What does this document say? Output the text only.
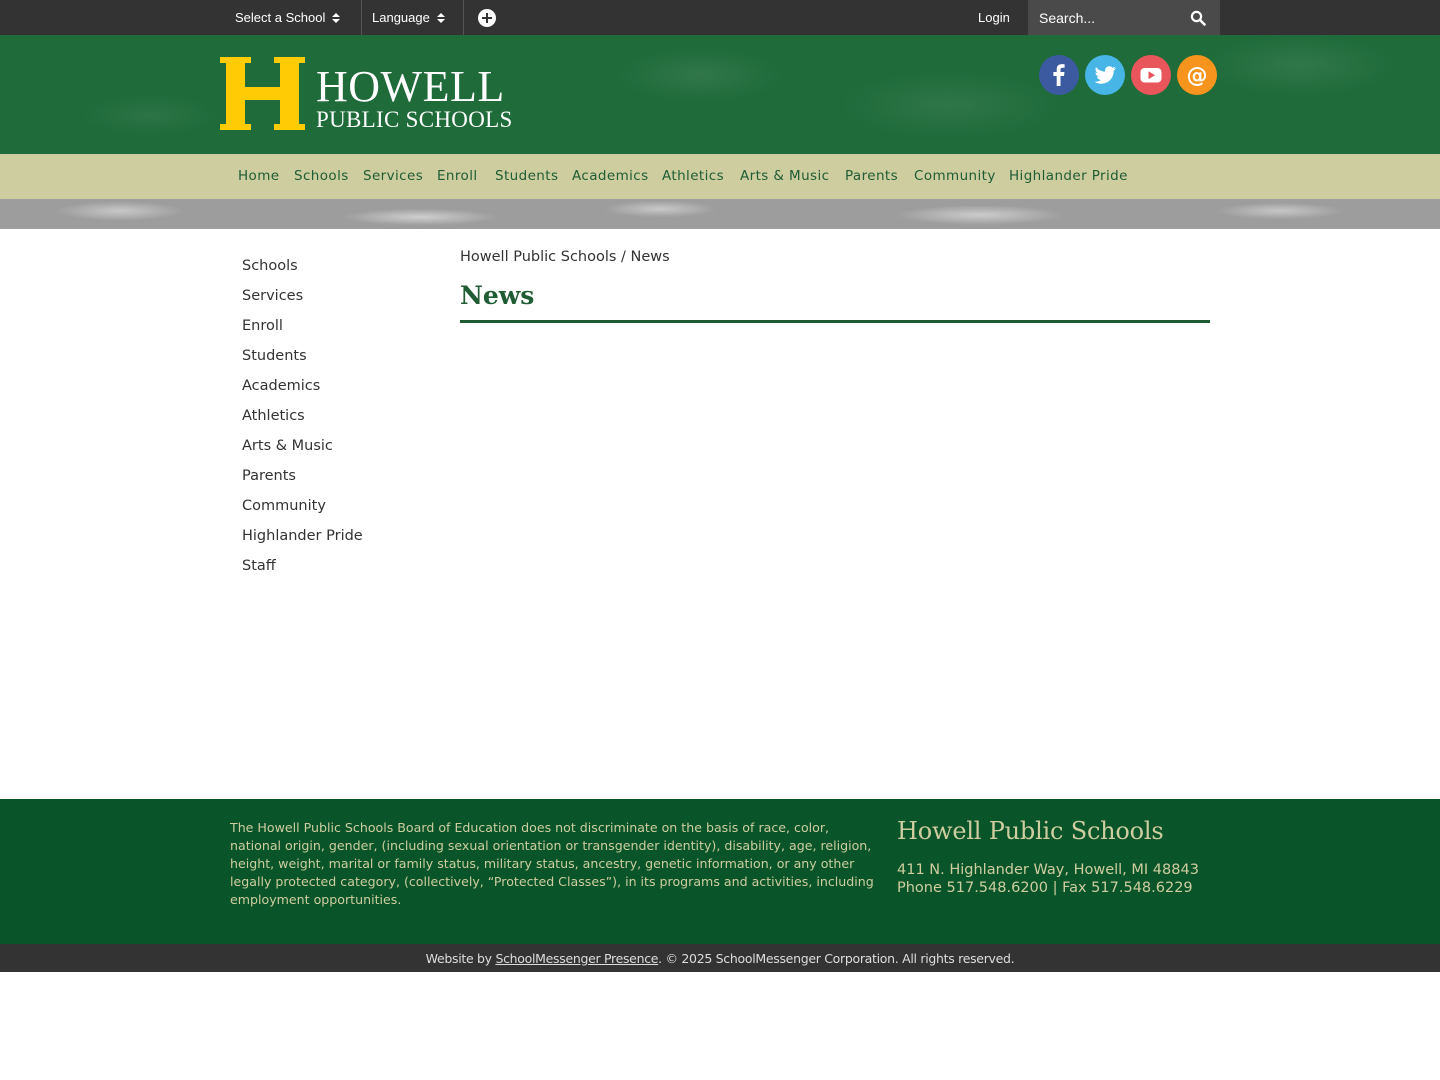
Select a School	Language	Login
Search...
HOWELL
PUBLIC SCHOOLS
@
Home Schools Services Enroll Students Academics Athletics Arts & Music Parents Community Highlander Pride
Schools
Services
Enroll
Students
Academics
Athletics
Arts & Music
Parents
Community
Highlander Pride
Staff
Howell Public Schools / News
News

The Howell Public Schools Board of Education does not discriminate on the basis of race, color, national origin, gender, (including sexual orientation or transgender identity), disability, age, religion, height, weight, marital or family status, military status, ancestry, genetic information, or any other legally protected category, (collectively, “Protected Classes”), in its programs and activities, including employment opportunities.

Howell Public Schools
411 N. Highlander Way, Howell, MI 48843
Phone 517.548.6200 | Fax 517.548.6229
Website by SchoolMessenger Presence. © 2025 SchoolMessenger Corporation. All rights reserved.
